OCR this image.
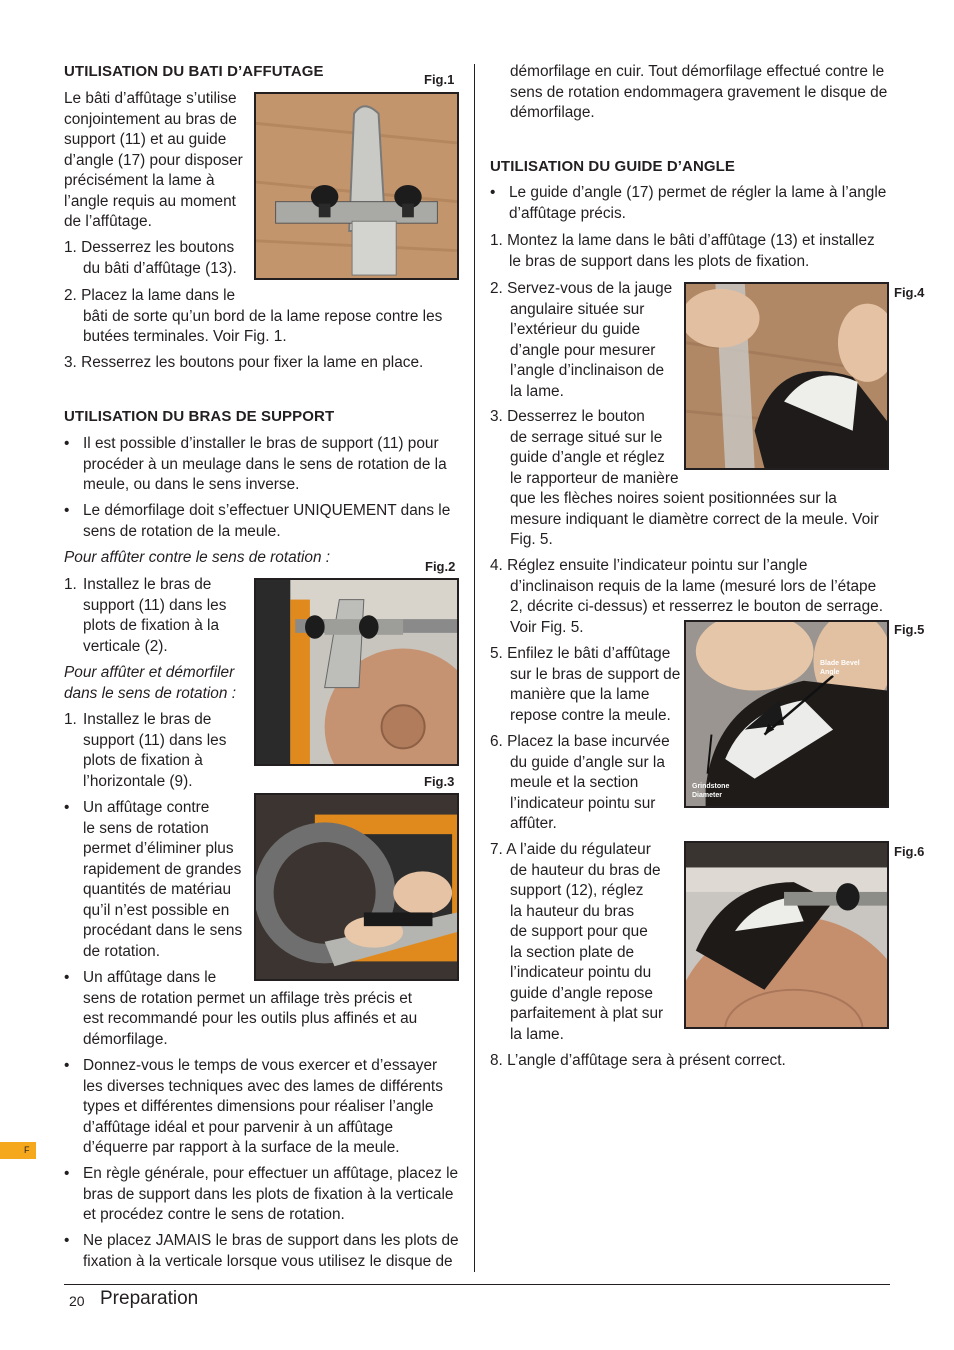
UTILISATION DU BATI D’AFFUTAGE	Fig.1
Le bâti d’affûtage s’utilise
conjointement au bras de
support (11) et au guide
d’angle (17) pour disposer
précisément la lame à
l’angle requis au moment
de l’affûtage.
1. Desserrez les boutons
du bâti d’affûtage (13).
2. Placez la lame dans le
bâti de sorte qu’un bord de la lame repose contre les
butées terminales. Voir Fig. 1.
3. Resserrez les boutons pour fixer la lame en place.
UTILISATION DU BRAS DE SUPPORT
• Il est possible d’installer le bras de support (11) pour
procéder à un meulage dans le sens de rotation de la
meule, ou dans le sens inverse.
• Le démorfilage doit s’effectuer UNIQUEMENT dans le
sens de rotation de la meule.
Pour affûter contre le sens de rotation :
Fig.2
1. Installez le bras de
support (11) dans les
plots de fixation à la
verticale (2).
Pour affûter et démorfiler
dans le sens de rotation :
1. Installez le bras de
support (11) dans les
plots de fixation à
l’horizontale (9).	Fig.3
• Un affûtage contre
le sens de rotation
permet d’éliminer plus
rapidement de grandes
quantités de matériau
qu’il n’est possible en
procédant dans le sens
de rotation.
• Un affûtage dans le
sens de rotation permet un affilage très précis et
est recommandé pour les outils plus affinés et au
démorfilage.
• Donnez-vous le temps de vous exercer et d’essayer
les diverses techniques avec des lames de différents
types et différentes dimensions pour réaliser l’angle
d’affûtage idéal et pour parvenir à un affûtage
d’équerre par rapport à la surface de la meule.
• En règle générale, pour effectuer un affûtage, placez le
bras de support dans les plots de fixation à la verticale
et procédez contre le sens de rotation.
• Ne placez JAMAIS le bras de support dans les plots de
fixation à la verticale lorsque vous utilisez le disque de
démorfilage en cuir. Tout démorfilage effectué contre le
sens de rotation endommagera gravement le disque de
démorfilage.
UTILISATION DU GUIDE D’ANGLE
• Le guide d’angle (17) permet de régler la lame à l’angle
d’affûtage précis.
1. Montez la lame dans le bâti d’affûtage (13) et installez
le bras de support dans les plots de fixation.
Fig.4
2. Servez-vous de la jauge
angulaire située sur
l’extérieur du guide
d’angle pour mesurer
l’angle d’inclinaison de
la lame.
3. Desserrez le bouton
de serrage situé sur le
guide d’angle et réglez
le rapporteur de manière
que les flèches noires soient positionnées sur la
mesure indiquant le diamètre correct de la meule. Voir
Fig. 5.
4. Réglez ensuite l’indicateur pointu sur l’angle
d’inclinaison requis de la lame (mesuré lors de l’étape
2, décrite ci-dessus) et resserrez le bouton de serrage.
Voir Fig. 5.	Fig.5
Blade Bevel
Angle
Grindstone
Diameter
5. Enfilez le bâti d’affûtage
sur le bras de support de
manière que la lame
repose contre la meule.
6. Placez la base incurvée
du guide d’angle sur la
meule et la section
l’indicateur pointu sur
affûter.
Fig.6
7. A l’aide du régulateur
de hauteur du bras de
support (12), réglez
la hauteur du bras
de support pour que
la section plate de
l’indicateur pointu du
guide d’angle repose
parfaitement à plat sur
la lame.
8. L’angle d’affûtage sera à présent correct.
F
20 Preparation
